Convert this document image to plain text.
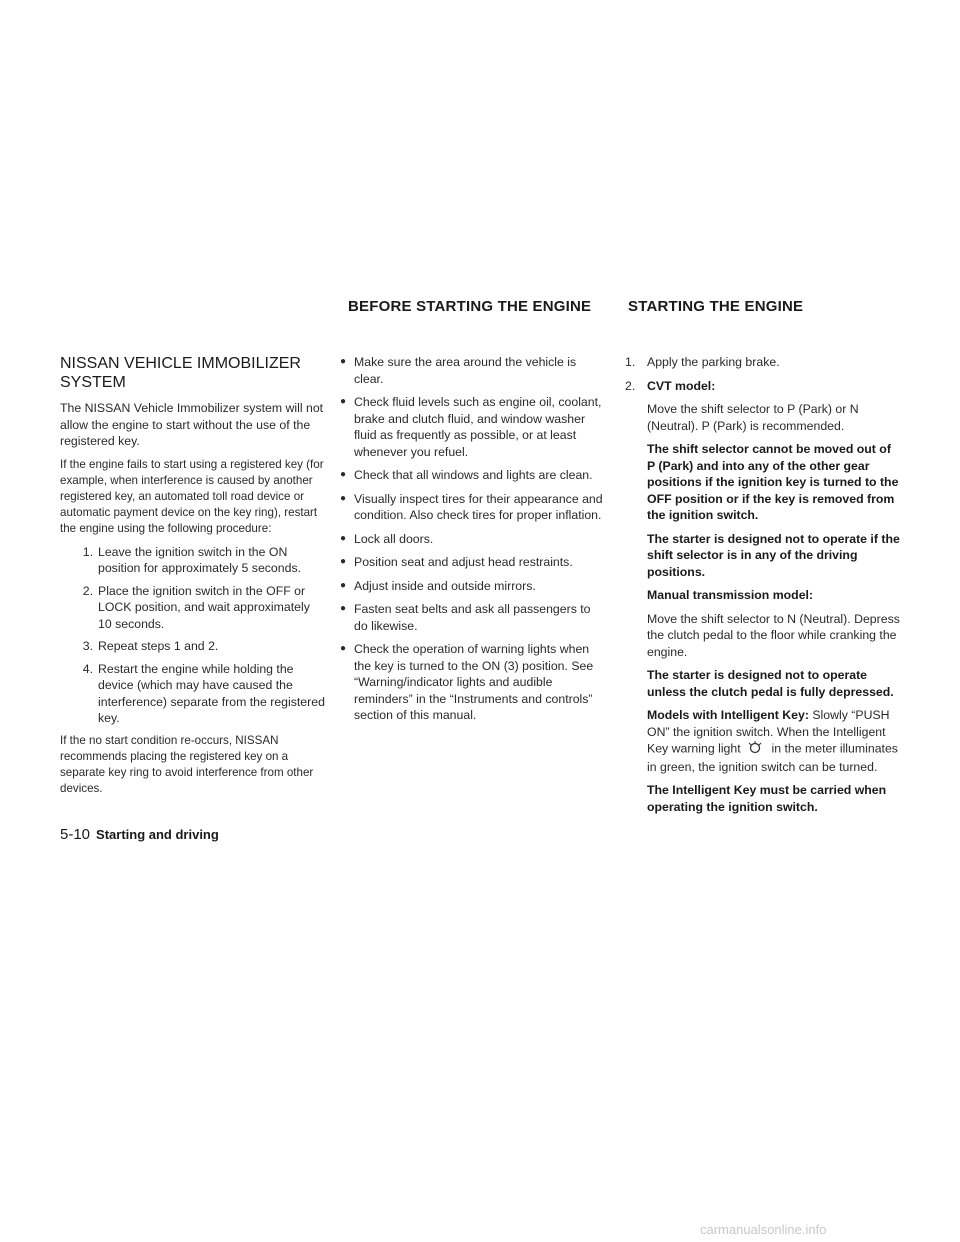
BEFORE STARTING THE ENGINE STARTING THE ENGINE
NISSAN VEHICLE IMMOBILIZER SYSTEM

The NISSAN Vehicle Immobilizer system will not allow the engine to start without the use of the registered key.

If the engine fails to start using a registered key (for example, when interference is caused by another registered key, an automated toll road device or automatic payment device on the key ring), restart the engine using the following procedure:

1. Leave the ignition switch in the ON position for approximately 5 seconds.
2. Place the ignition switch in the OFF or LOCK position, and wait approximately 10 seconds.
3. Repeat steps 1 and 2.
4. Restart the engine while holding the device (which may have caused the interference) separate from the registered key.

If the no start condition re-occurs, NISSAN recommends placing the registered key on a separate key ring to avoid interference from other devices.

● Make sure the area around the vehicle is clear.
● Check fluid levels such as engine oil, coolant, brake and clutch fluid, and window washer fluid as frequently as possible, or at least whenever you refuel.
● Check that all windows and lights are clean.
● Visually inspect tires for their appearance and condition. Also check tires for proper inflation.
● Lock all doors.
● Position seat and adjust head restraints.
● Adjust inside and outside mirrors.
● Fasten seat belts and ask all passengers to do likewise.
● Check the operation of warning lights when the key is turned to the ON (3) position. See “Warning/indicator lights and audible reminders” in the “Instruments and controls” section of this manual.
1. Apply the parking brake.
2. CVT model:

Move the shift selector to P (Park) or N (Neutral). P (Park) is recommended.

The shift selector cannot be moved out of P (Park) and into any of the other gear positions if the ignition key is turned to the OFF position or if the key is removed from the ignition switch.

The starter is designed not to operate if the shift selector is in any of the driving positions.

Manual transmission model:

Move the shift selector to N (Neutral). Depress the clutch pedal to the floor while cranking the engine.

The starter is designed not to operate unless the clutch pedal is fully depressed.

Models with Intelligent Key: Slowly “PUSH ON” the ignition switch. When the Intelligent Key warning light	in the meter illuminates in green, the ignition switch can be turned.

The Intelligent Key must be carried when operating the ignition switch.

5-10 Starting and driving
carmanualsonline.info
